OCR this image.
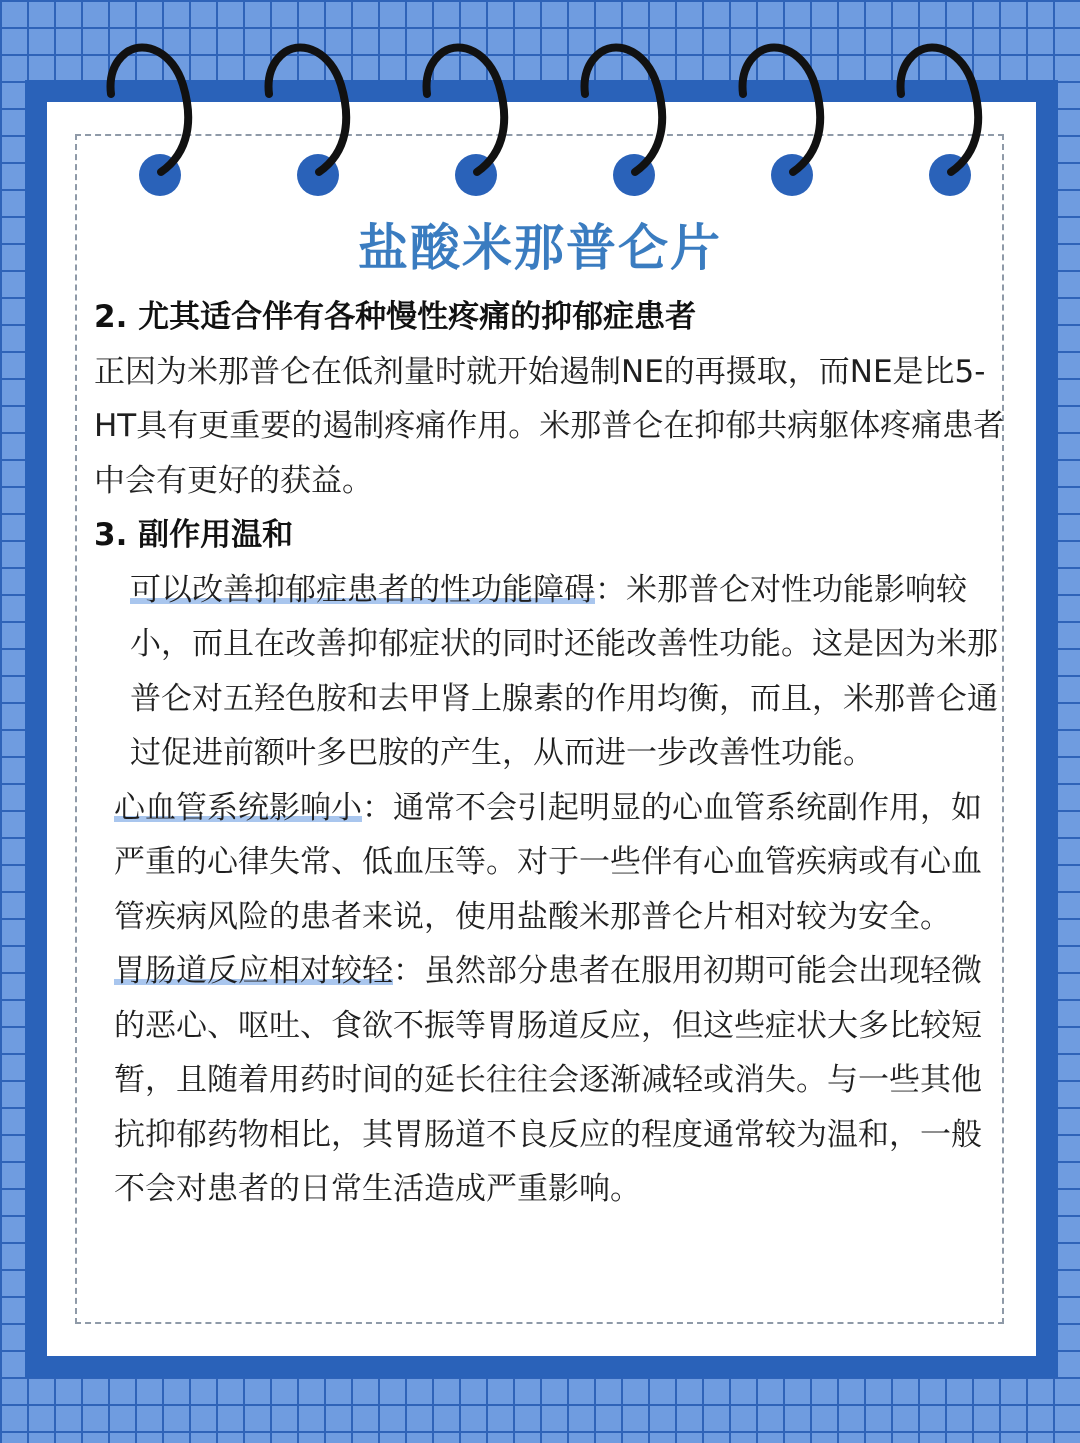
盐酸米那普仑片

2. 尤其适合伴有各种慢性疼痛的抑郁症患者

正因为米那普仑在低剂量时就开始遏制NE的再摄取，而NE是比5-HT具有更重要的遏制疼痛作用。米那普仑在抑郁共病躯体疼痛患者中会有更好的获益。

3. 副作用温和

可以改善抑郁症患者的性功能障碍：米那普仑对性功能影响较小，而且在改善抑郁症状的同时还能改善性功能。这是因为米那普仑对五羟色胺和去甲肾上腺素的作用均衡，而且，米那普仑通过促进前额叶多巴胺的产生，从而进一步改善性功能。

心血管系统影响小：通常不会引起明显的心血管系统副作用，如严重的心律失常、低血压等。对于一些伴有心血管疾病或有心血管疾病风险的患者来说，使用盐酸米那普仑片相对较为安全。

胃肠道反应相对较轻：虽然部分患者在服用初期可能会出现轻微的恶心、呕吐、食欲不振等胃肠道反应，但这些症状大多比较短暂，且随着用药时间的延长往往会逐渐减轻或消失。与一些其他抗抑郁药物相比，其胃肠道不良反应的程度通常较为温和，一般不会对患者的日常生活造成严重影响。
